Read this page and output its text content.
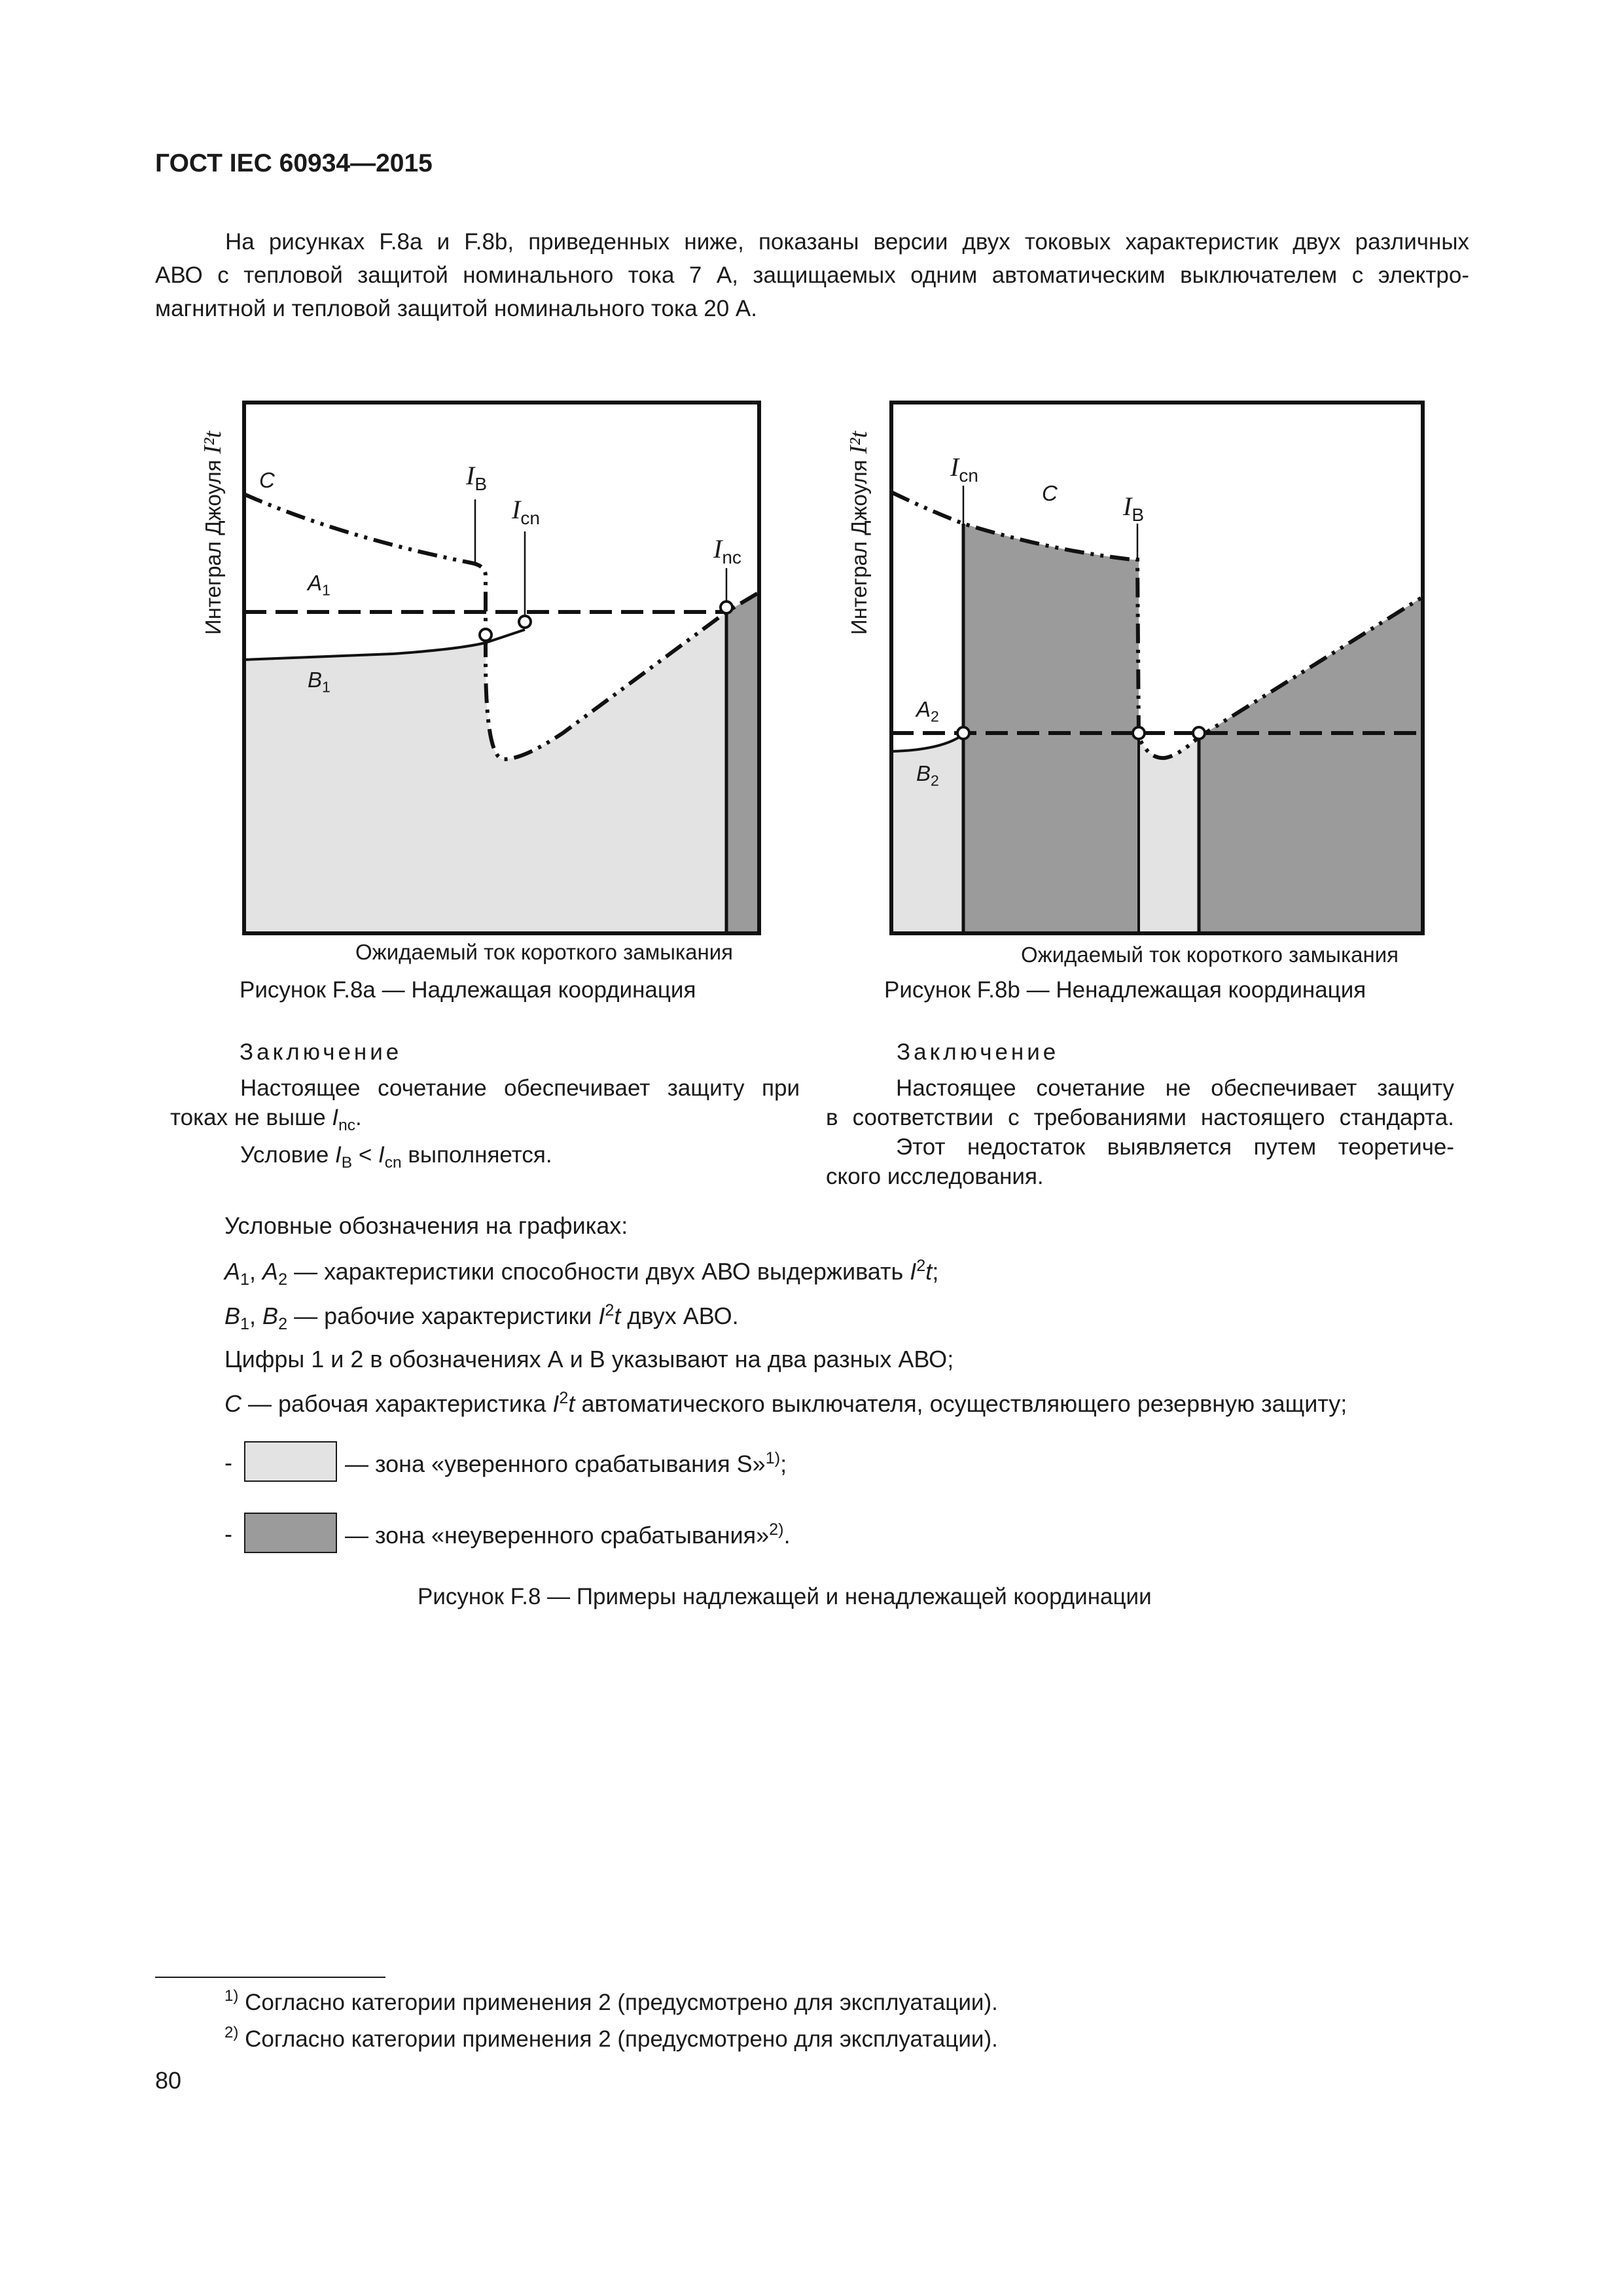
ГОСТ IEC 60934—2015

На рисунках F.8a и F.8b, приведенных ниже, показаны версии двух токовых характеристик двух различных

АВО с тепловой защитой номинального тока 7 А, защищаемых одним автоматическим выключателем с электро-

магнитной и тепловой защитой номинального тока 20 А.

C	$I_B$
$I_{cn}$
$I_{nc}$
$A_1$
$B_1$
Интеграл Джоуля I²t
Ожидаемый ток короткого замыкания
Рисунок F.8a — Надлежащая координация
$I_{cn}$
C	$I_B$
$A_2$
$B_2$
Интеграл Джоуля I²t
Ожидаемый ток короткого замыкания
Рисунок F.8b — Ненадлежащая координация
Заключение

Настоящее сочетание обеспечивает защиту при

токах не выше $I_{nc}$.

Условие $I_B < I_{cn}$ выполняется.

Заключение

Настоящее сочетание не обеспечивает защиту

в соответствии с требованиями настоящего стандарта.

Этот недостаток выявляется путем теоретиче-

ского исследования.

Условные обозначения на графиках:
$A_1$, $A_2$ — характеристики способности двух АВО выдерживать $I^2t$;
$B_1$, $B_2$ — рабочие характеристики $I^2t$ двух АВО.
Цифры 1 и 2 в обозначениях А и В указывают на два разных АВО;
C — рабочая характеристика $I^2t$ автоматического выключателя, осуществляющего резервную защиту;
-	— зона «уверенного срабатывания S»$^{1)}$;
-	— зона «неуверенного срабатывания»$^{2)}$.
Рисунок F.8 — Примеры надлежащей и ненадлежащей координации
$^{1)}$ Согласно категории применения 2 (предусмотрено для эксплуатации).
$^{2)}$ Согласно категории применения 2 (предусмотрено для эксплуатации).
80
